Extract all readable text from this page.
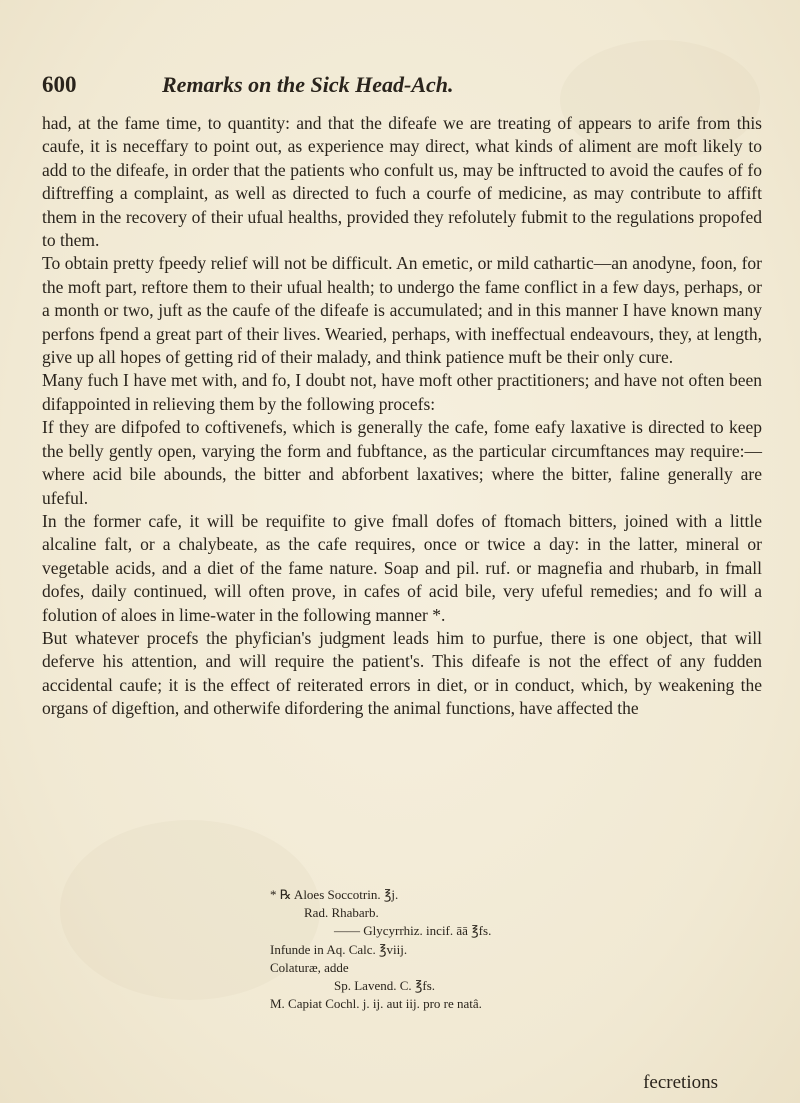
600	Remarks on the Sick Head-Ach.

had, at the fame time, to quantity: and that the difeafe we are treating of appears to arife from this caufe, it is neceffary to point out, as experience may direct, what kinds of aliment are moft likely to add to the difeafe, in order that the patients who confult us, may be inftructed to avoid the caufes of fo diftreffing a complaint, as well as directed to fuch a courfe of medicine, as may contribute to affift them in the recovery of their ufual healths, provided they refolutely fubmit to the regulations propofed to them.

To obtain pretty fpeedy relief will not be difficult. An emetic, or mild cathartic—an anodyne, foon, for the moft part, reftore them to their ufual health; to undergo the fame conflict in a few days, perhaps, or a month or two, juft as the caufe of the difeafe is accumulated; and in this manner I have known many perfons fpend a great part of their lives. Wearied, perhaps, with ineffectual endeavours, they, at length, give up all hopes of getting rid of their malady, and think patience muft be their only cure.

Many fuch I have met with, and fo, I doubt not, have moft other practitioners; and have not often been difappointed in relieving them by the following procefs:

If they are difpofed to coftivenefs, which is generally the cafe, fome eafy laxative is directed to keep the belly gently open, varying the form and fubftance, as the particular circumftances may require:—where acid bile abounds, the bitter and abforbent laxatives; where the bitter, faline generally are ufeful.

In the former cafe, it will be requifite to give fmall dofes of ftomach bitters, joined with a little alcaline falt, or a chalybeate, as the cafe requires, once or twice a day: in the latter, mineral or vegetable acids, and a diet of the fame nature. Soap and pil. ruf. or magnefia and rhubarb, in fmall dofes, daily continued, will often prove, in cafes of acid bile, very ufeful remedies; and fo will a folution of aloes in lime-water in the following manner *.

But whatever procefs the phyfician's judgment leads him to purfue, there is one object, that will deferve his attention, and will require the patient's. This difeafe is not the effect of any fudden accidental caufe; it is the effect of reiterated errors in diet, or in conduct, which, by weakening the organs of digeftion, and otherwife difordering the animal functions, have affected the

* ℞ Aloes Soccotrin. ℥j.
Rad. Rhabarb.
—— Glycyrrhiz. incif. āā ℥fs.
Infunde in Aq. Calc. ℥viij.
Colaturæ, adde
Sp. Lavend. C. ℥fs.
M. Capiat Cochl. j. ij. aut iij. pro re natâ.
fecretions
